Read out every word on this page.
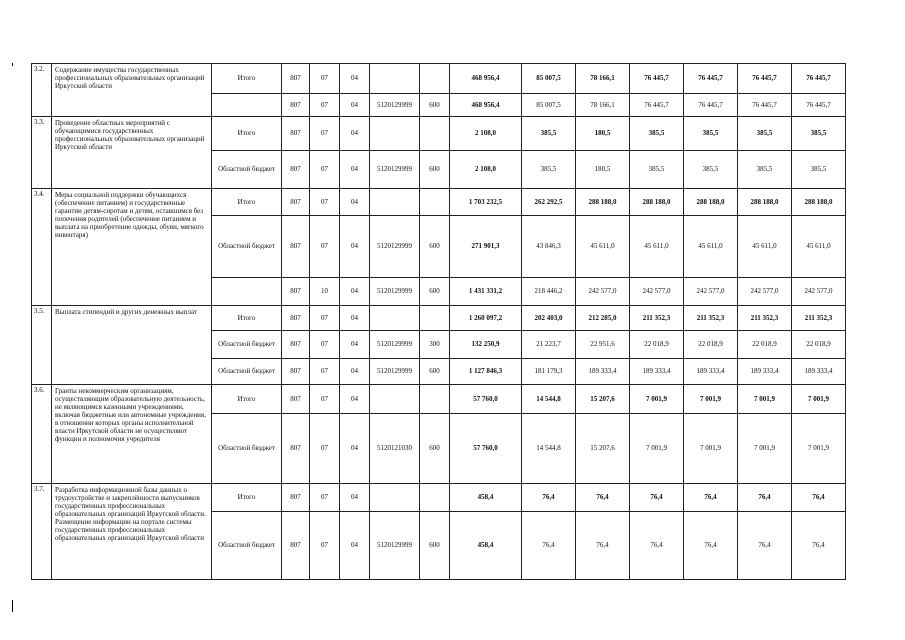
3.2.	Содержание имущества государственных профессиональных образовательных организаций Иркутской области	Итого	807	07	04			468 956,4	85 007,5	78 166,1	76 445,7	76 445,7	76 445,7	76 445,7
			807	07	04	5120129999	600	468 956,4	85 007,5	78 166,1	76 445,7	76 445,7	76 445,7	76 445,7
3.3.	Проведение областных мероприятий с обучающимися государственных профессиональных образовательных организаций Иркутской области	Итого	807	07	04			2 108,0	385,5	180,5	385,5	385,5	385,5	385,5
		Областной бюджет	807	07	04	5120129999	600	2 108,0	385,5	180,5	385,5	385,5	385,5	385,5
3.4.	Меры социальной поддержки обучающихся (обеспечение питанием) и государственные гарантии детям-сиротам и детям, оставшимся без попечения родителей (обеспечение питанием и выплата на приобретение одежды, обуви, мягкого инвентаря)	Итого	807	07	04			1 703 232,5	262 292,5	288 188,0	288 188,0	288 188,0	288 188,0	288 188,0
		Областной бюджет	807	07	04	5120129999	600	271 901,3	43 846,3	45 611,0	45 611,0	45 611,0	45 611,0	45 611,0
			807	10	04	5120129999	600	1 431 331,2	218 446,2	242 577,0	242 577,0	242 577,0	242 577,0	242 577,0
3.5.	Выплата стипендий и других денежных выплат	Итого	807	07	04			1 260 097,2	202 403,0	212 285,0	211 352,3	211 352,3	211 352,3	211 352,3
		Областной бюджет	807	07	04	5120129999	300	132 250,9	21 223,7	22 951,6	22 018,9	22 018,9	22 018,9	22 018,9
		Областной бюджет	807	07	04	5120129999	600	1 127 846,3	181 179,3	189 333,4	189 333,4	189 333,4	189 333,4	189 333,4
3.6.	Гранты некоммерческим организациям, осуществляющим образовательную деятельность, не являющимся казенными учреждениями, включая бюджетные или автономные учреждения, в отношении которых органы исполнительной власти Иркутской области не осуществляют функции и полномочия учредителя	Итого	807	07	04			57 760,0	14 544,8	15 207,6	7 001,9	7 001,9	7 001,9	7 001,9
		Областной бюджет	807	07	04	5120121030	600	57 760,0	14 544,8	15 207,6	7 001,9	7 001,9	7 001,9	7 001,9
3.7.	Разработка информационной базы данных о трудоустройстве и закреплённости выпускников государственных профессиональных образовательных организаций Иркутской области. Размещение информации на портале системы государственных профессиональных образовательных организаций Иркутской области	Итого	807	07	04			458,4	76,4	76,4	76,4	76,4	76,4	76,4
		Областной бюджет	807	07	04	5120129999	600	458,4	76,4	76,4	76,4	76,4	76,4	76,4
